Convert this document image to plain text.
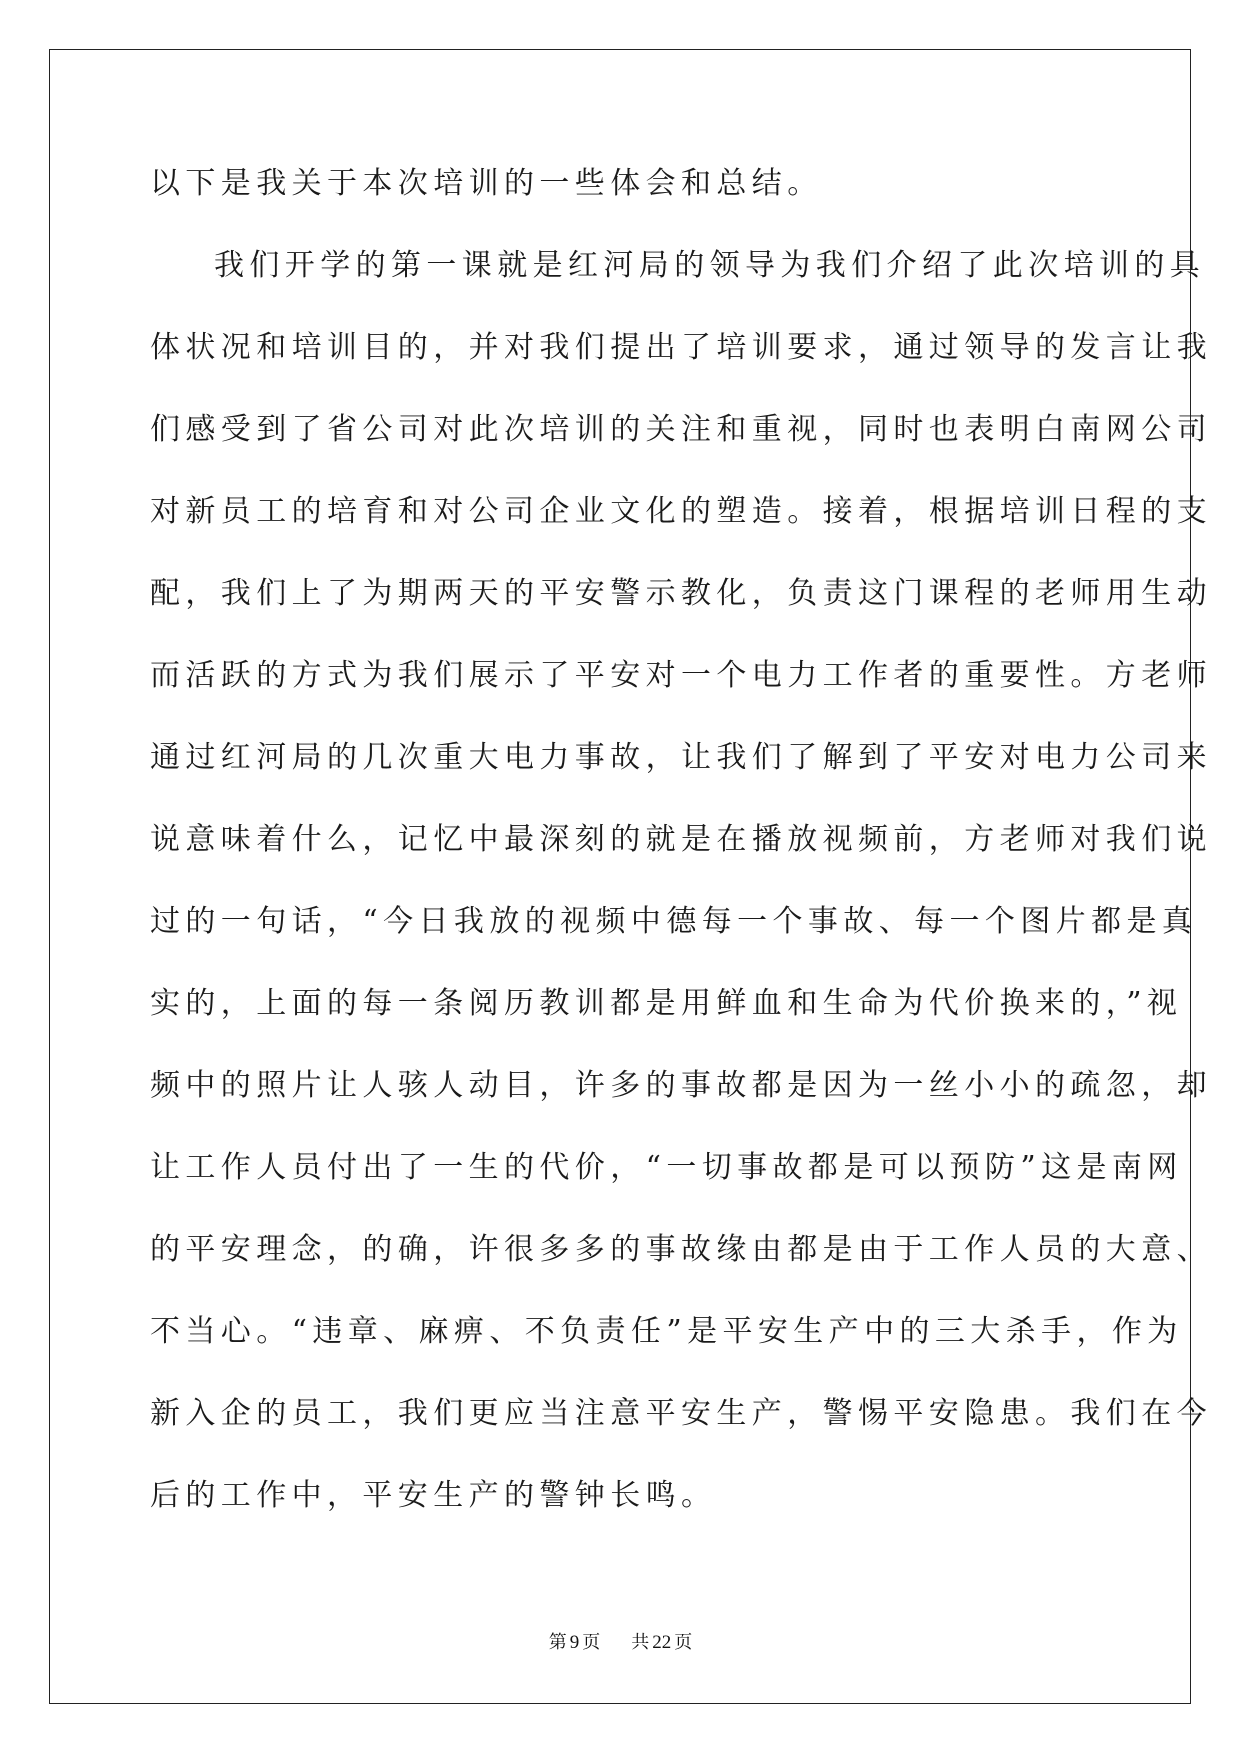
以下是我关于本次培训的一些体会和总结。
我们开学的第一课就是红河局的领导为我们介绍了此次培训的具
体状况和培训目的，并对我们提出了培训要求，通过领导的发言让我
们感受到了省公司对此次培训的关注和重视，同时也表明白南网公司
对新员工的培育和对公司企业文化的塑造。接着，根据培训日程的支
配，我们上了为期两天的平安警示教化，负责这门课程的老师用生动
而活跃的方式为我们展示了平安对一个电力工作者的重要性。方老师
通过红河局的几次重大电力事故，让我们了解到了平安对电力公司来
说意味着什么，记忆中最深刻的就是在播放视频前，方老师对我们说
过的一句话，“今日我放的视频中德每一个事故、每一个图片都是真
实的，上面的每一条阅历教训都是用鲜血和生命为代价换来的，”视
频中的照片让人骇人动目，许多的事故都是因为一丝小小的疏忽，却
让工作人员付出了一生的代价，“一切事故都是可以预防”这是南网
的平安理念，的确，许很多多的事故缘由都是由于工作人员的大意、
不当心。“违章、麻痹、不负责任”是平安生产中的三大杀手，作为
新入企的员工，我们更应当注意平安生产，警惕平安隐患。我们在今
后的工作中，平安生产的警钟长鸣。
第 9 页 共 22 页
